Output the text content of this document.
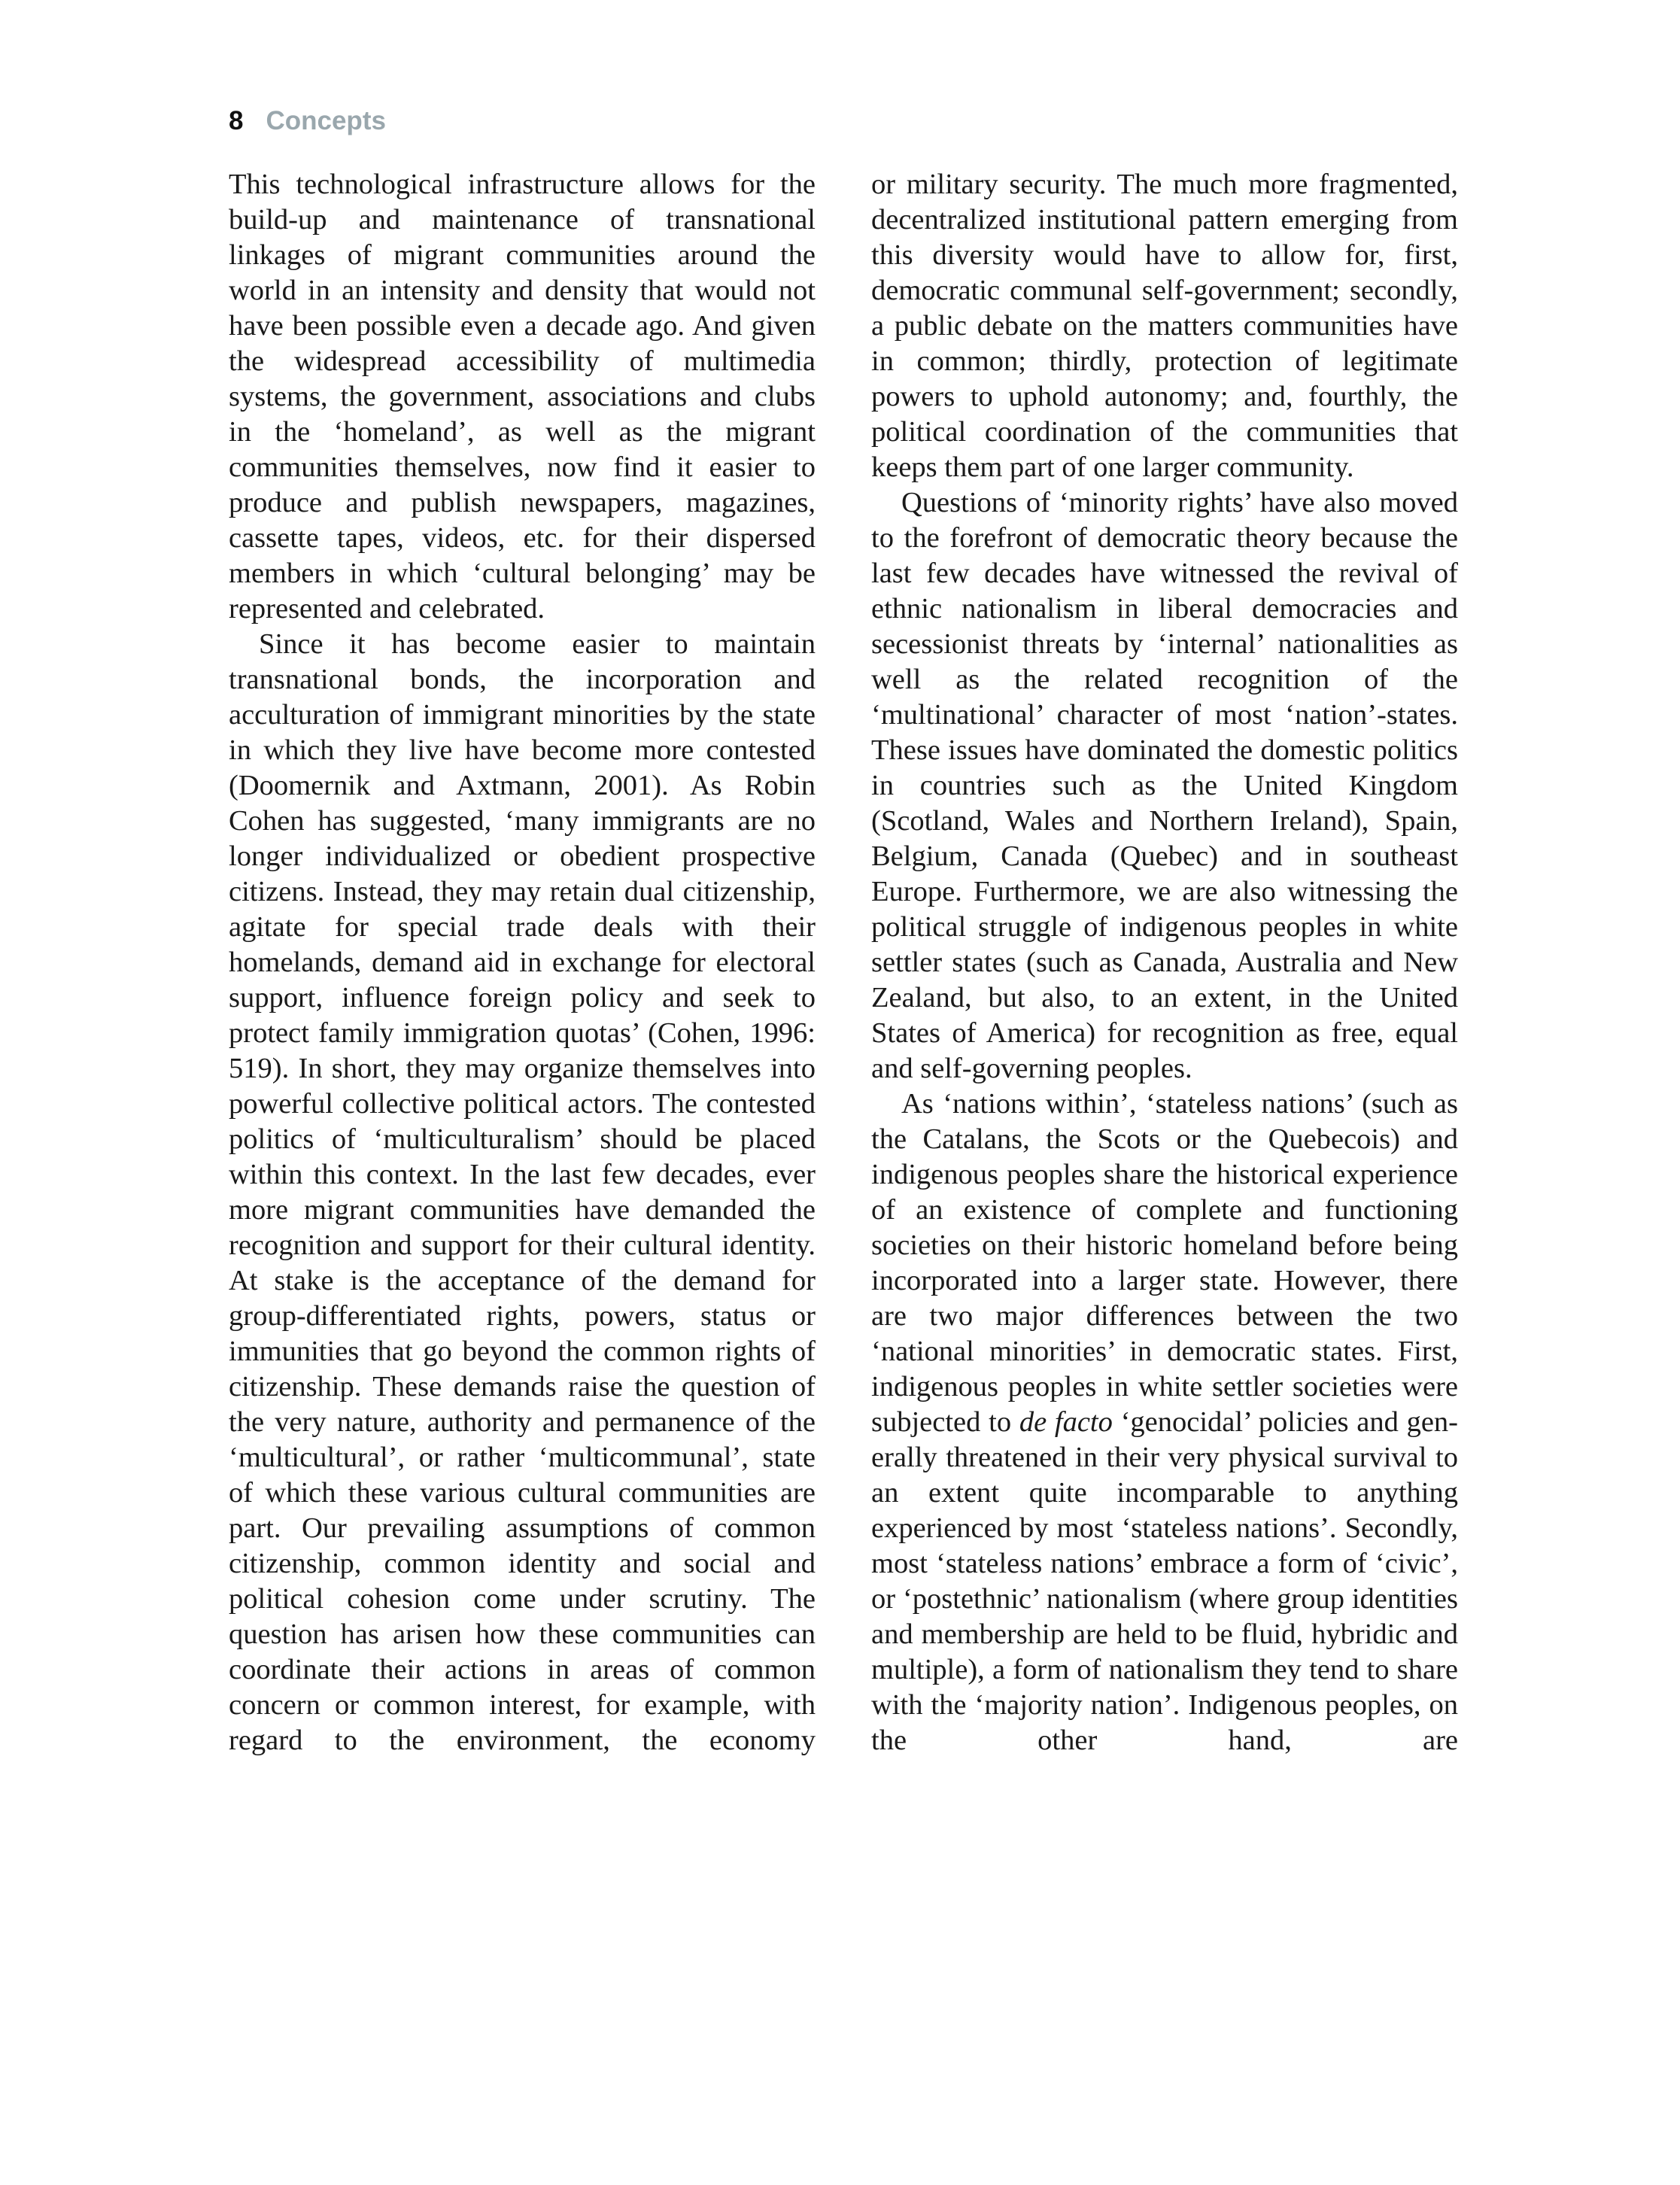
8 Concepts

This technological infrastructure allows for the build-up and maintenance of transnational linkages of migrant communities around the world in an intensity and density that would not have been possible even a decade ago. And given the widespread accessibility of multimedia systems, the government, associations and clubs in the ‘homeland’, as well as the migrant communities themselves, now find it easier to produce and publish newspapers, magazines, cassette tapes, videos, etc. for their dispersed members in which ‘cultural belonging’ may be represented and celebrated.

Since it has become easier to maintain transnational bonds, the incorporation and acculturation of immigrant minorities by the state in which they live have become more contested (Doomernik and Axtmann, 2001). As Robin Cohen has suggested, ‘many immigrants are no longer individualized or obedient prospective citizens. Instead, they may retain dual citizenship, agitate for special trade deals with their homelands, demand aid in exchange for electoral support, influence foreign policy and seek to protect family immigration quotas’ (Cohen, 1996: 519). In short, they may organize themselves into powerful collective political actors. The contested politics of ‘multiculturalism’ should be placed within this context. In the last few decades, ever more migrant communities have demanded the recognition and support for their cultural identity. At stake is the acceptance of the demand for group-differentiated rights, powers, status or immunities that go beyond the common rights of citizenship. These demands raise the question of the very nature, authority and permanence of the ‘multicultural’, or rather ‘multicommunal’, state of which these various cultural communities are part. Our prevailing assumptions of common citizenship, common identity and social and political cohesion come under scrutiny. The question has arisen how these communities can coordinate their actions in areas of common concern or common interest, for example, with regard to the environment, the economy

or military security. The much more fragmented, decentralized institutional pattern emerging from this diversity would have to allow for, first, democratic communal self-government; secondly, a public debate on the matters communities have in common; thirdly, protection of legitimate powers to uphold autonomy; and, fourthly, the political coordination of the communities that keeps them part of one larger community.

Questions of ‘minority rights’ have also moved to the forefront of democratic theory because the last few decades have witnessed the revival of ethnic nationalism in liberal democracies and secessionist threats by ‘internal’ nationalities as well as the related recognition of the ‘multinational’ character of most ‘nation’-states. These issues have dominated the domestic politics in countries such as the United Kingdom (Scotland, Wales and Northern Ireland), Spain, Belgium, Canada (Quebec) and in southeast Europe. Furthermore, we are also witnessing the political struggle of indigenous peoples in white settler states (such as Canada, Australia and New Zealand, but also, to an extent, in the United States of America) for recognition as free, equal and self-governing peoples.

As ‘nations within’, ‘stateless nations’ (such as the Catalans, the Scots or the Quebecois) and indigenous peoples share the historical experience of an existence of complete and functioning societies on their historic homeland before being incorporated into a larger state. However, there are two major differences between the two ‘national minorities’ in democratic states. First, indigenous peoples in white settler societies were subjected to de facto ‘genocidal’ policies and generally threatened in their very physical survival to an extent quite incomparable to anything experienced by most ‘stateless nations’. Secondly, most ‘stateless nations’ embrace a form of ‘civic’, or ‘postethnic’ nationalism (where group identities and membership are held to be fluid, hybridic and multiple), a form of nationalism they tend to share with the ‘majority nation’. Indigenous peoples, on the other hand, are
